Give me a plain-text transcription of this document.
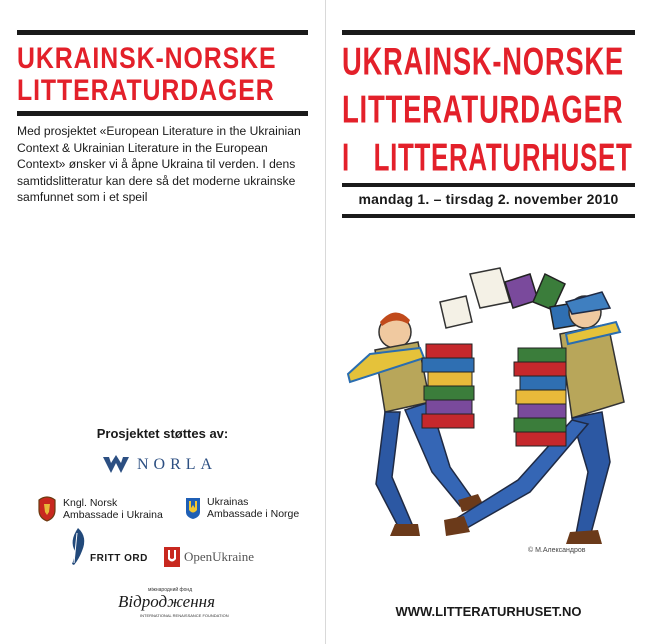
UKRAINSK-NORSKE
LITTERATURDAGER

Med prosjektet «European Literature in the Ukrainian Context & Ukrainian Literature in the European Context» ønsker vi å åpne Ukraina til verden. I dens samtidslitteratur kan dere så det moderne ukrainske samfunnet som i et speil

Prosjektet støttes av:
NORLA
Kngl. Norsk
Ambassade i Ukraina
Ukrainas
Ambassade i Norge
FRITT ORD	OpenUkraine
міжнародний фонд
Відродження
INTERNATIONAL RENAISSANCE FOUNDATION
UKRAINSK-NORSKE
LITTERATURDAGER
I   LITTERATURHUSET
mandag 1. – tirsdag 2. november 2010
© М.Александров
WWW.LITTERATURHUSET.NO
